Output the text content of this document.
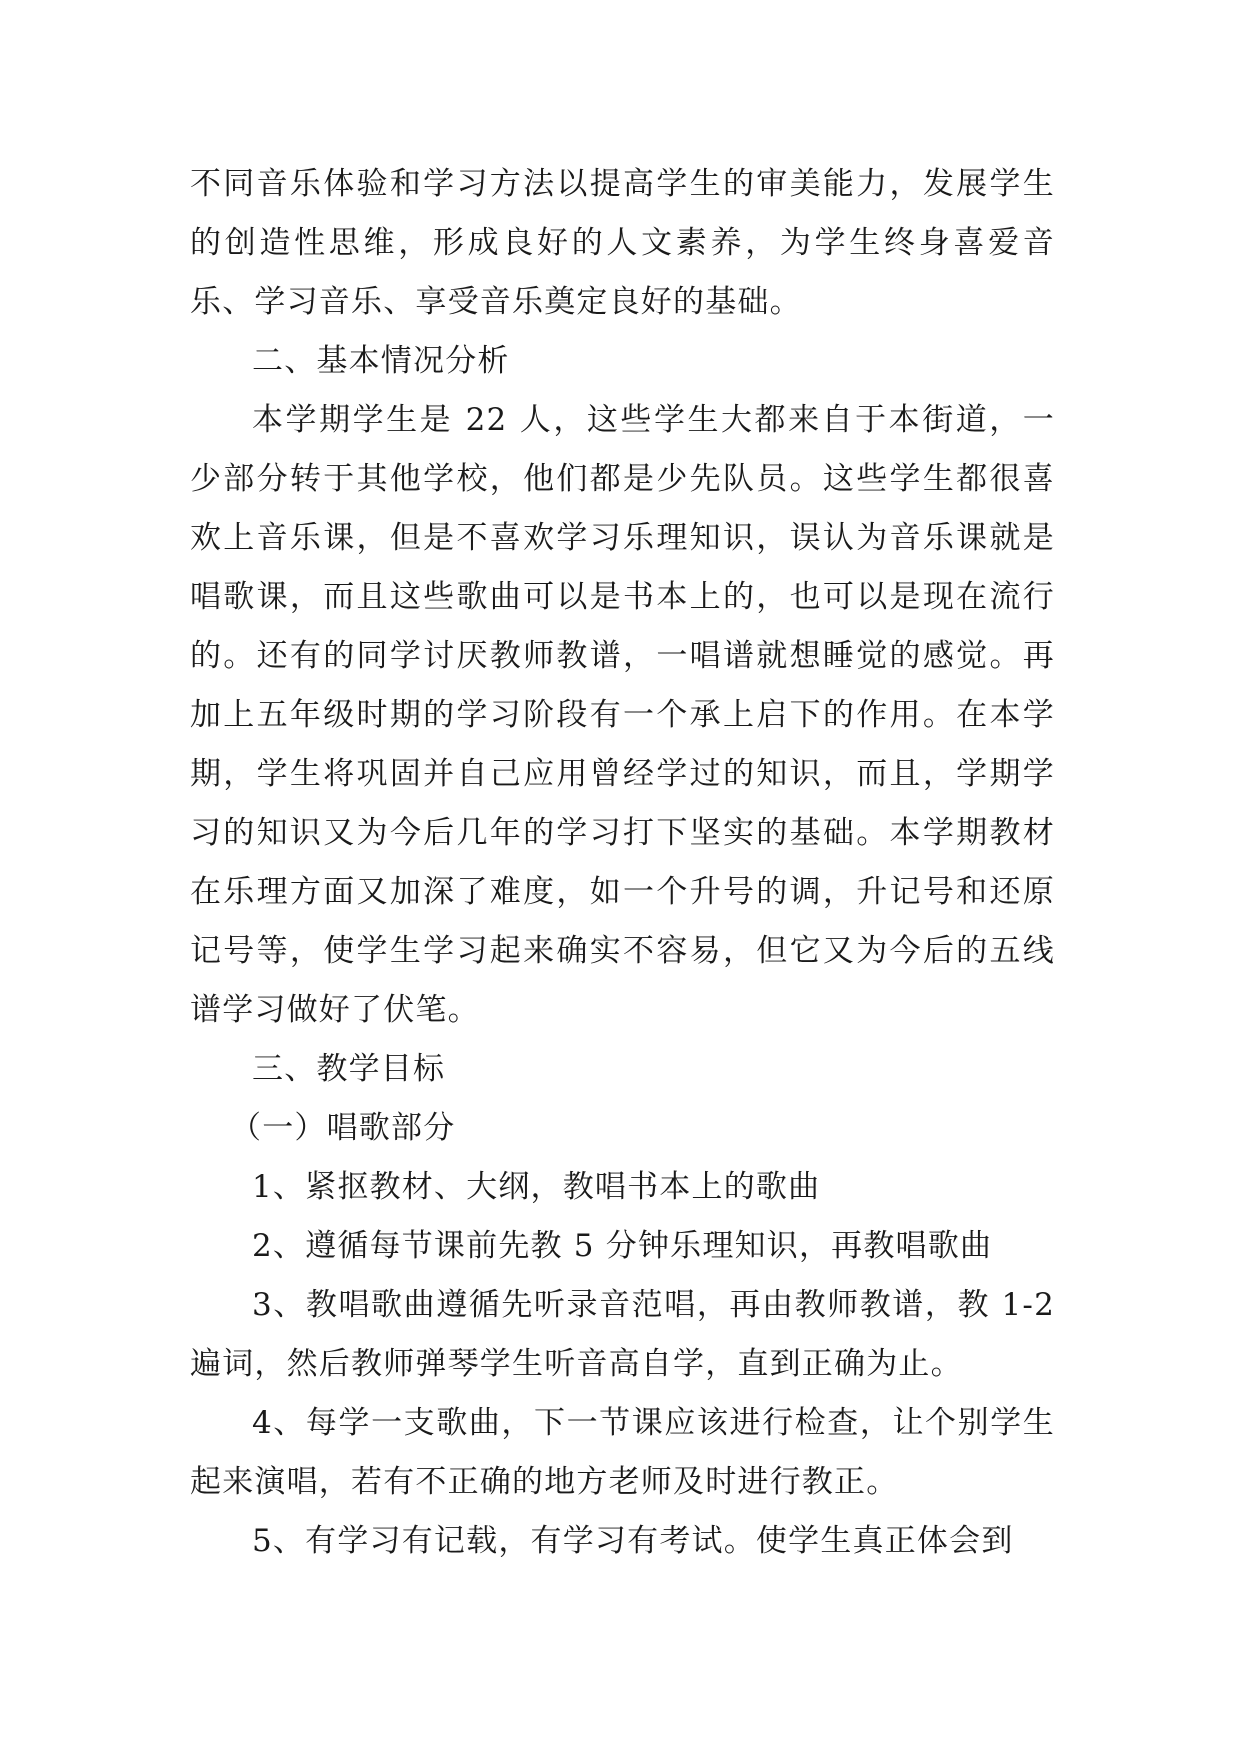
不同音乐体验和学习方法以提高学生的审美能力，发展学生的创造性思维，形成良好的人文素养，为学生终身喜爱音乐、学习音乐、享受音乐奠定良好的基础。

二、基本情况分析

本学期学生是 22 人，这些学生大都来自于本街道，一少部分转于其他学校，他们都是少先队员。这些学生都很喜欢上音乐课，但是不喜欢学习乐理知识，误认为音乐课就是唱歌课，而且这些歌曲可以是书本上的，也可以是现在流行的。还有的同学讨厌教师教谱，一唱谱就想睡觉的感觉。再加上五年级时期的学习阶段有一个承上启下的作用。在本学期，学生将巩固并自己应用曾经学过的知识，而且，学期学习的知识又为今后几年的学习打下坚实的基础。本学期教材在乐理方面又加深了难度，如一个升号的调，升记号和还原记号等，使学生学习起来确实不容易，但它又为今后的五线谱学习做好了伏笔。

三、教学目标

（一）唱歌部分

1、紧抠教材、大纲，教唱书本上的歌曲

2、遵循每节课前先教 5 分钟乐理知识，再教唱歌曲

3、教唱歌曲遵循先听录音范唱，再由教师教谱，教 1-2 遍词，然后教师弹琴学生听音高自学，直到正确为止。

4、每学一支歌曲，下一节课应该进行检查，让个别学生起来演唱，若有不正确的地方老师及时进行教正。

5、有学习有记载，有学习有考试。使学生真正体会到
